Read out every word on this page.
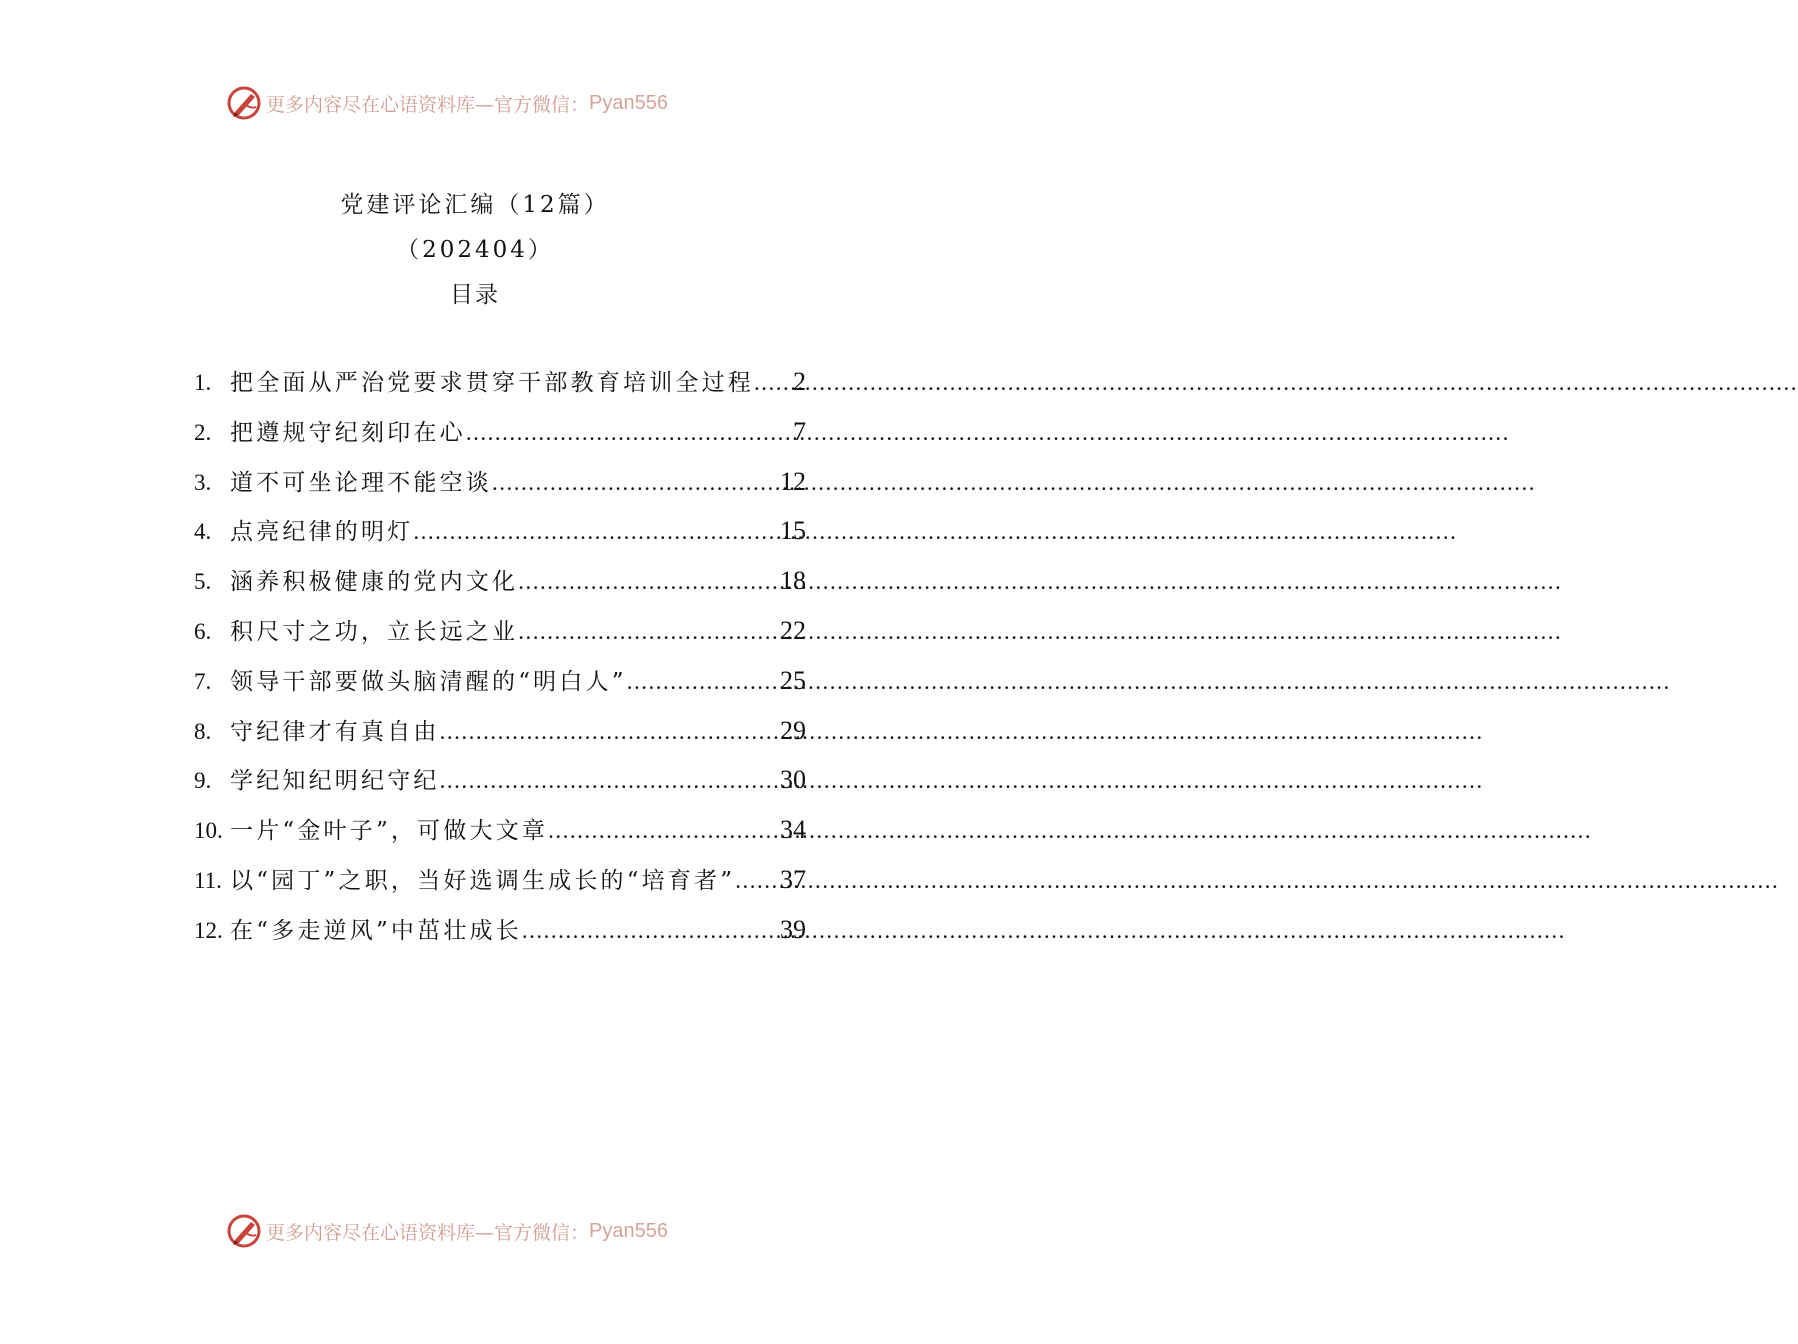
更多内容尽在心语资料库—官方微信： Pyan556
党建评论汇编（12篇）
（202404）
目录
1. 把全面从严治党要求贯穿干部教育培训全过程 ..... 2
2. 把遵规守纪刻印在心 .....	7
3. 道不可坐论理不能空谈 .....	12
4. 点亮纪律的明灯 .....	15
5. 涵养积极健康的党内文化 .....	18
6. 积尺寸之功，立长远之业 .....	22
7. 领导干部要做头脑清醒的“明白人” .....	25
8. 守纪律才有真自由 .....	29
9. 学纪知纪明纪守纪 .....	30
10. 一片“金叶子”，可做大文章 .....	34
11. 以“园丁”之职，当好选调生成长的“培育者” ..... 37
12. 在“多走逆风”中茁壮成长 .....	39
更多内容尽在心语资料库—官方微信： Pyan556
